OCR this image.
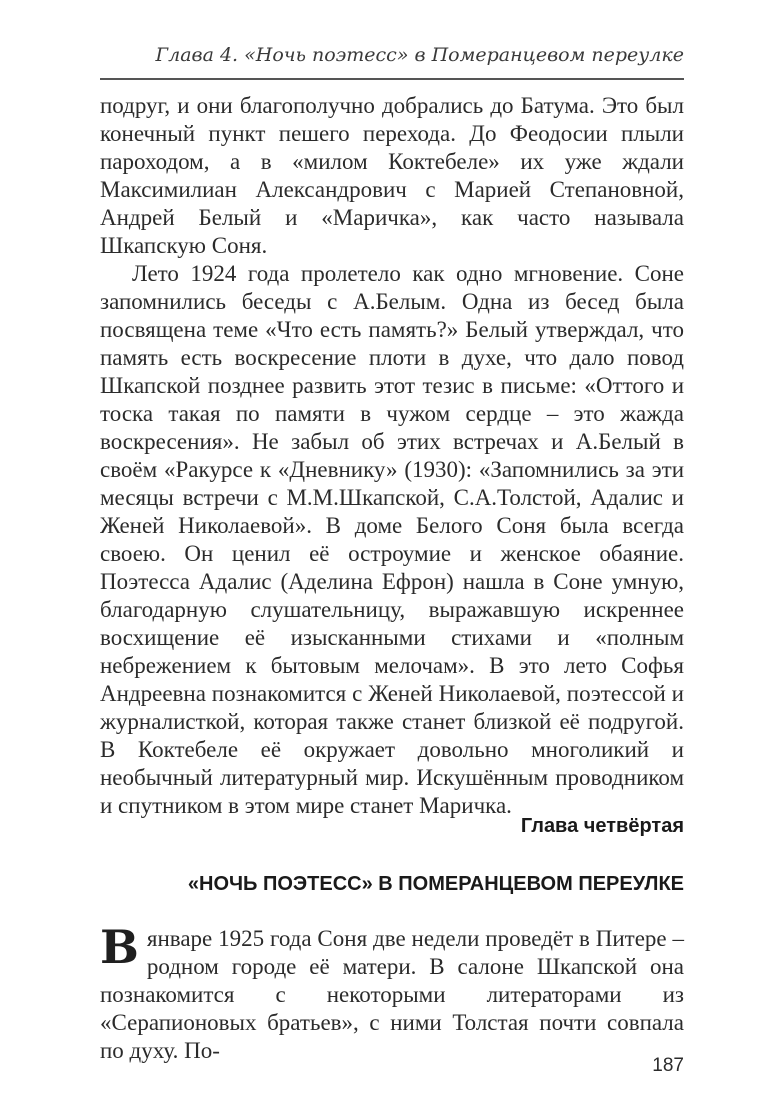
Глава 4. «Ночь поэтесс» в Померанцевом переулке

подруг, и они благополучно добрались до Батума. Это был конечный пункт пешего перехода. До Феодосии плыли пароходом, а в «милом Коктебеле» их уже ждали Максимилиан Александрович с Марией Степановной, Андрей Белый и «Маричка», как часто называла Шкапскую Соня.

Лето 1924 года пролетело как одно мгновение. Соне запомнились беседы с А.Белым. Одна из бесед была посвящена теме «Что есть память?» Белый утверждал, что память есть воскресение плоти в духе, что дало повод Шкапской позднее развить этот тезис в письме: «Оттого и тоска такая по памяти в чужом сердце – это жажда воскресения». Не забыл об этих встречах и А.Белый в своём «Ракурсе к «Дневнику» (1930): «Запомнились за эти месяцы встречи с М.М.Шкапской, С.А.Толстой, Адалис и Женей Николаевой». В доме Белого Соня была всегда своею. Он ценил её остроумие и женское обаяние. Поэтесса Адалис (Аделина Ефрон) нашла в Соне умную, благодарную слушательницу, выражавшую искреннее восхищение её изысканными стихами и «полным небрежением к бытовым мелочам». В это лето Софья Андреевна познакомится с Женей Николаевой, поэтессой и журналисткой, которая также станет близкой её подругой. В Коктебеле её окружает довольно многоликий и необычный литературный мир. Искушённым проводником и спутником в этом мире станет Маричка.

Глава четвёртая
«НОЧЬ ПОЭТЕСС» В ПОМЕРАНЦЕВОМ ПЕРЕУЛКЕ

Вянваре 1925 года Соня две недели проведёт в Питере – родном городе её матери. В салоне Шкапской она познакомится с некоторыми литераторами из «Серапионовых братьев», с ними Толстая почти совпала по духу. По-

187
